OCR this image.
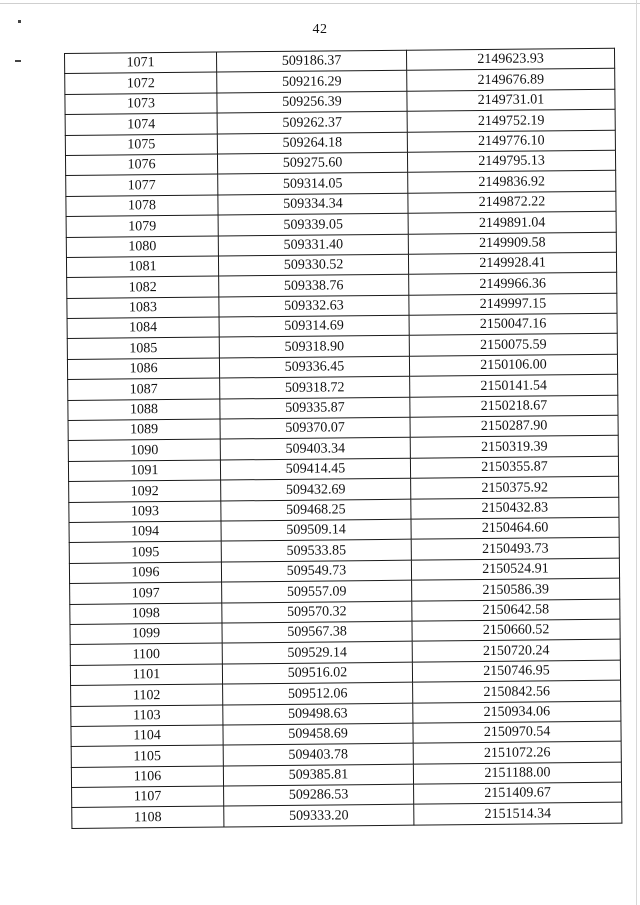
42
1071	509186.37	2149623.93
1072	509216.29	2149676.89
1073	509256.39	2149731.01
1074	509262.37	2149752.19
1075	509264.18	2149776.10
1076	509275.60	2149795.13
1077	509314.05	2149836.92
1078	509334.34	2149872.22
1079	509339.05	2149891.04
1080	509331.40	2149909.58
1081	509330.52	2149928.41
1082	509338.76	2149966.36
1083	509332.63	2149997.15
1084	509314.69	2150047.16
1085	509318.90	2150075.59
1086	509336.45	2150106.00
1087	509318.72	2150141.54
1088	509335.87	2150218.67
1089	509370.07	2150287.90
1090	509403.34	2150319.39
1091	509414.45	2150355.87
1092	509432.69	2150375.92
1093	509468.25	2150432.83
1094	509509.14	2150464.60
1095	509533.85	2150493.73
1096	509549.73	2150524.91
1097	509557.09	2150586.39
1098	509570.32	2150642.58
1099	509567.38	2150660.52
1100	509529.14	2150720.24
1101	509516.02	2150746.95
1102	509512.06	2150842.56
1103	509498.63	2150934.06
1104	509458.69	2150970.54
1105	509403.78	2151072.26
1106	509385.81	2151188.00
1107	509286.53	2151409.67
1108	509333.20	2151514.34
